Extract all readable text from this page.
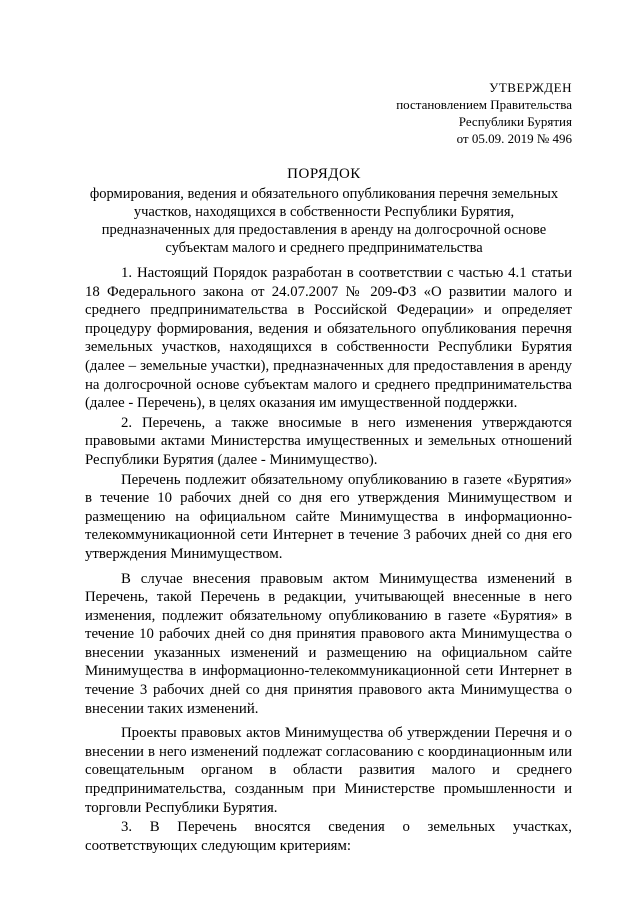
УТВЕРЖДЕН
постановлением Правительства
Республики Бурятия
от 05.09. 2019 № 496
ПОРЯДОК
формирования, ведения и обязательного опубликования перечня земельных участков, находящихся в собственности Республики Бурятия, предназначенных для предоставления в аренду на долгосрочной основе субъектам малого и среднего предпринимательства

1. Настоящий Порядок разработан в соответствии с частью 4.1 статьи 18 Федерального закона от 24.07.2007 № 209-ФЗ «О развитии малого и среднего предпринимательства в Российской Федерации» и определяет процедуру формирования, ведения и обязательного опубликования перечня земельных участков, находящихся в собственности Республики Бурятия (далее – земельные участки), предназначенных для предоставления в аренду на долгосрочной основе субъектам малого и среднего предпринимательства (далее - Перечень), в целях оказания им имущественной поддержки.

2. Перечень, а также вносимые в него изменения утверждаются правовыми актами Министерства имущественных и земельных отношений Республики Бурятия (далее - Минимущество).

Перечень подлежит обязательному опубликованию в газете «Бурятия» в течение 10 рабочих дней со дня его утверждения Минимуществом и размещению на официальном сайте Минимущества в информационно-телекоммуникационной сети Интернет в течение 3 рабочих дней со дня его утверждения Минимуществом.

В случае внесения правовым актом Минимущества изменений в Перечень, такой Перечень в редакции, учитывающей внесенные в него изменения, подлежит обязательному опубликованию в газете «Бурятия» в течение 10 рабочих дней со дня принятия правового акта Минимущества о внесении указанных изменений и размещению на официальном сайте Минимущества в информационно-телекоммуникационной сети Интернет в течение 3 рабочих дней со дня принятия правового акта Минимущества о внесении таких изменений.

Проекты правовых актов Минимущества об утверждении Перечня и о внесении в него изменений подлежат согласованию с координационным или совещательным органом в области развития малого и среднего предпринимательства, созданным при Министерстве промышленности и торговли Республики Бурятия.

3. В Перечень вносятся сведения о земельных участках, соответствующих следующим критериям:
